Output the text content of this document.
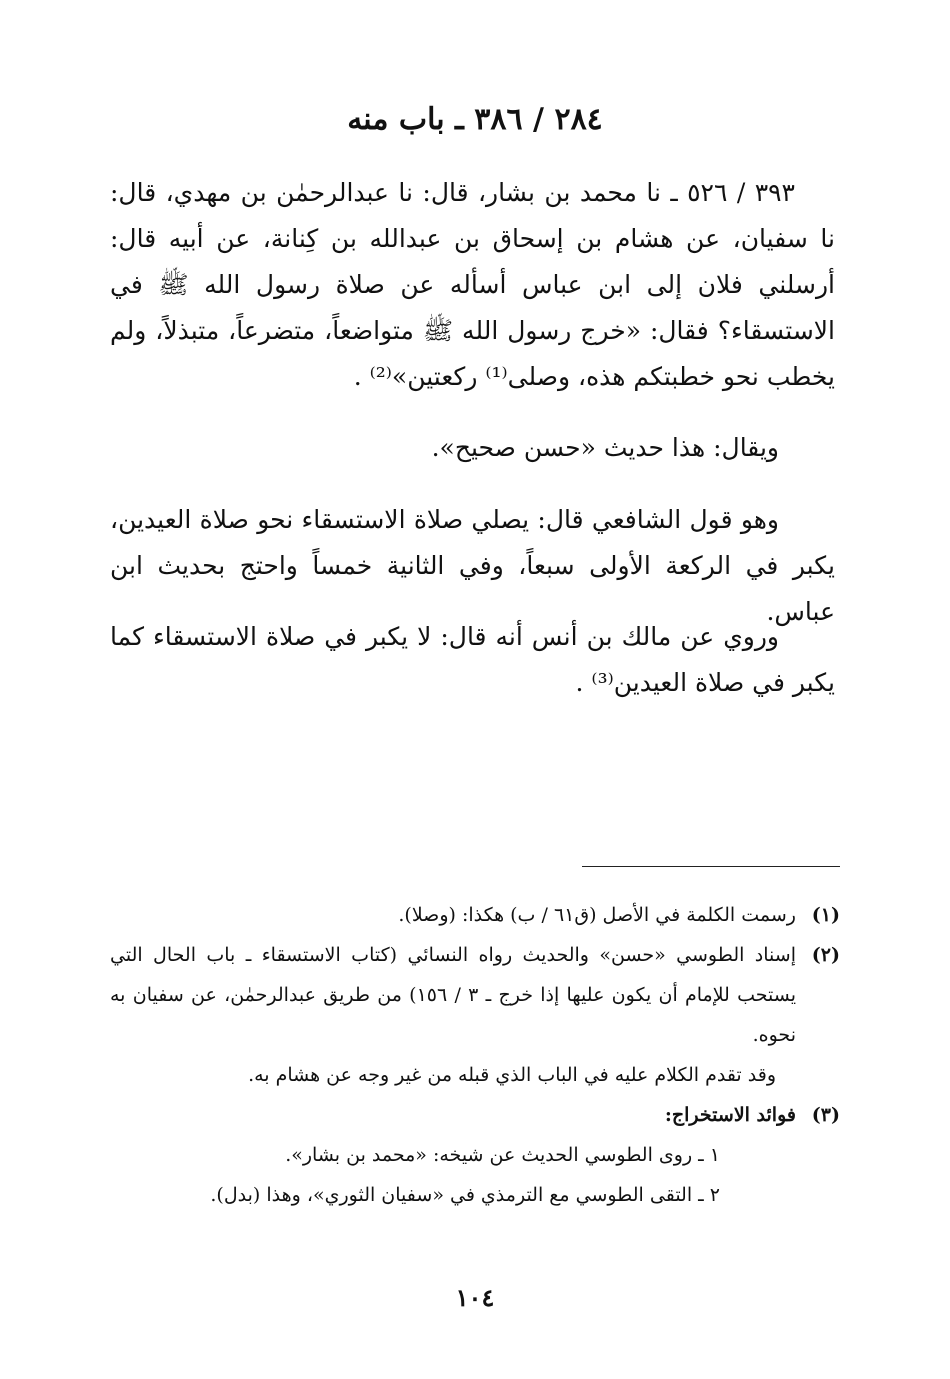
٢٨٤ / ٣٨٦ ـ باب منه
٣٩٣ / ٥٢٦ ـ نا محمد بن بشار، قال: نا عبدالرحمٰن بن مهدي، قال: نا سفيان، عن هشام بن إسحاق بن عبدالله بن كِنانة، عن أبيه قال: أرسلني فلان إلى ابن عباس أسأله عن صلاة رسول الله ﷺ في الاستسقاء؟ فقال: «خرج رسول الله ﷺ متواضعاً، متضرعاً، متبذلاً، ولم يخطب نحو خطبتكم هذه، وصلى⁽¹⁾ ركعتين»⁽²⁾ .
ويقال: هذا حديث «حسن صحيح».
وهو قول الشافعي قال: يصلي صلاة الاستسقاء نحو صلاة العيدين، يكبر في الركعة الأولى سبعاً، وفي الثانية خمساً واحتج بحديث ابن عباس.
وروي عن مالك بن أنس أنه قال: لا يكبر في صلاة الاستسقاء كما يكبر في صلاة العيدين⁽³⁾ .
(١)
رسمت الكلمة في الأصل (ق٦١ / ب) هكذا: (وصلا).
(٢)
إسناد الطوسي «حسن» والحديث رواه النسائي (كتاب الاستسقاء ـ باب الحال التي يستحب للإمام أن يكون عليها إذا خرج ـ ٣ / ١٥٦) من طريق عبدالرحمٰن، عن سفيان به نحوه.
وقد تقدم الكلام عليه في الباب الذي قبله من غير وجه عن هشام به.
(٣)
فوائد الاستخراج:
١ ـ روى الطوسي الحديث عن شيخه: «محمد بن بشار».
٢ ـ التقى الطوسي مع الترمذي في «سفيان الثوري»، وهذا (بدل).
١٠٤
